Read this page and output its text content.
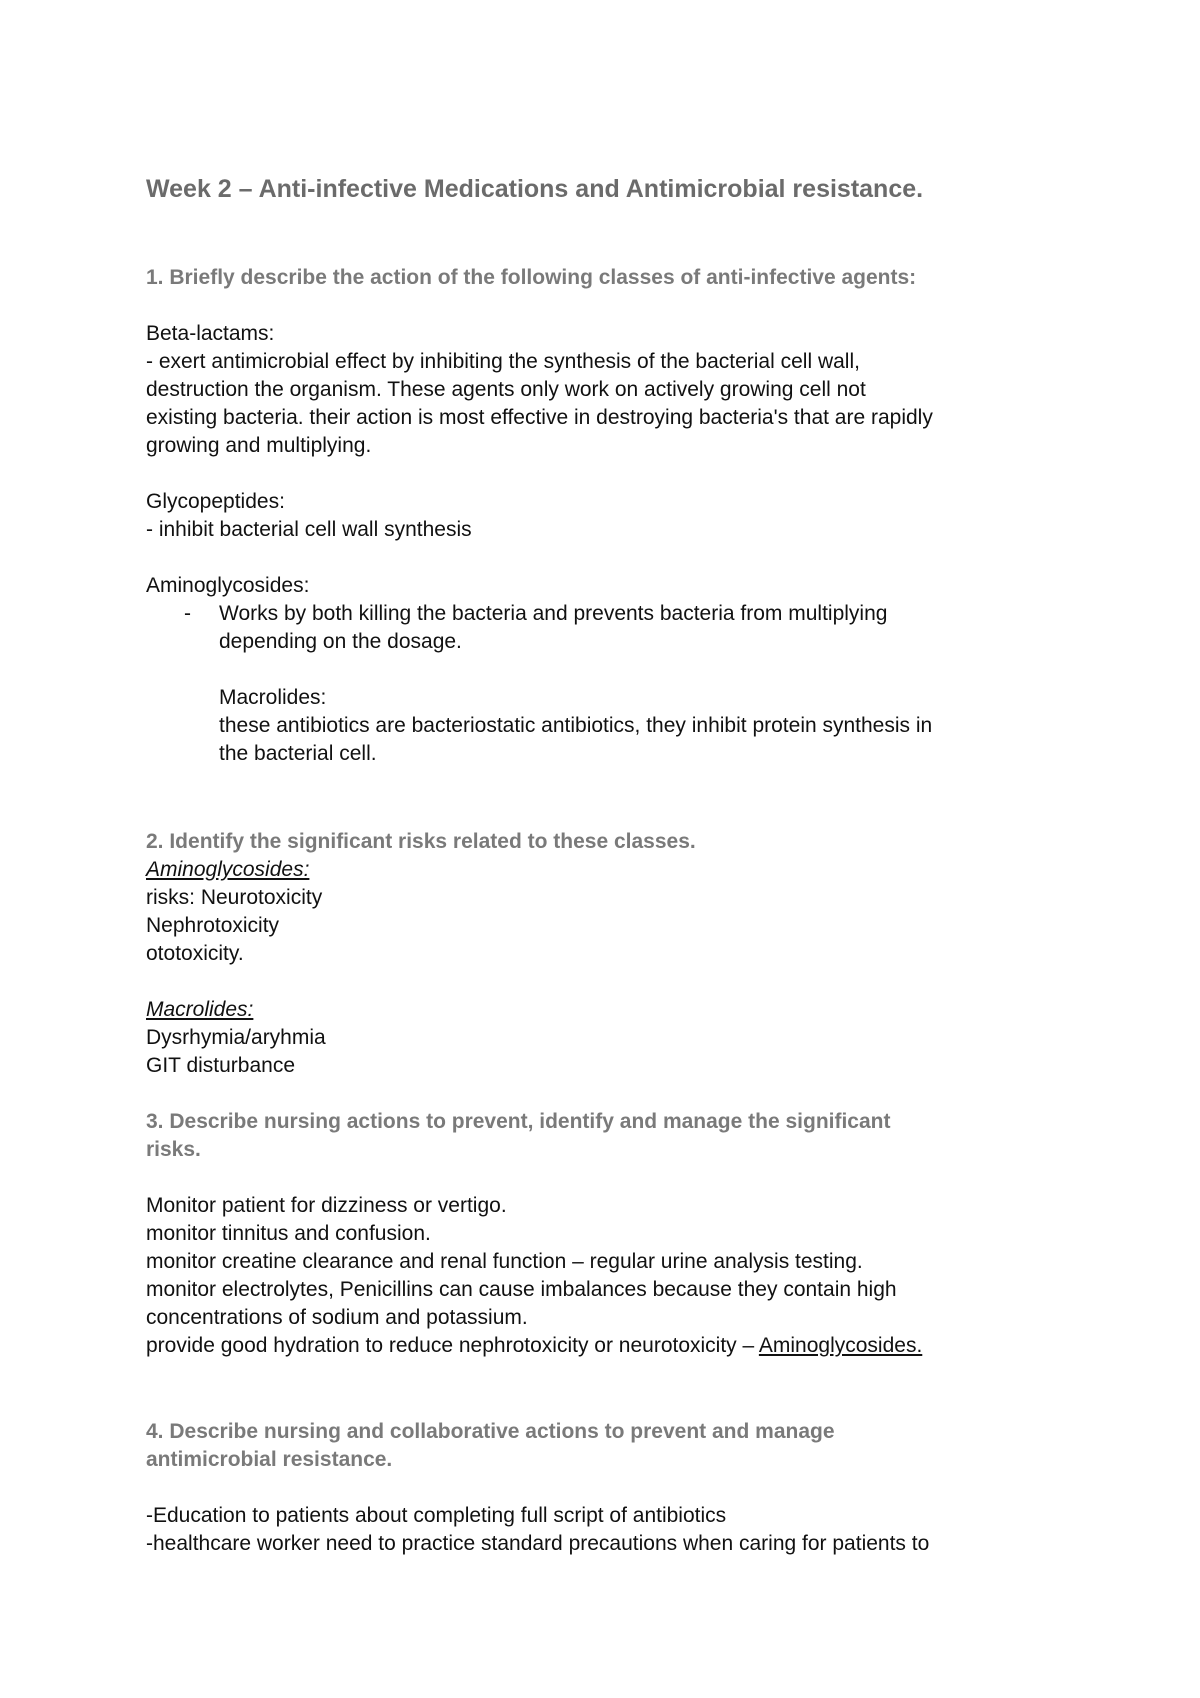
Week 2 – Anti-infective Medications and Antimicrobial resistance.
1. Briefly describe the action of the following classes of anti-infective agents:
Beta-lactams:
- exert antimicrobial effect by inhibiting the synthesis of the bacterial cell wall,
destruction the organism. These agents only work on actively growing cell not
existing bacteria. their action is most effective in destroying bacteria's that are rapidly
growing and multiplying.
Glycopeptides:
- inhibit bacterial cell wall synthesis
Aminoglycosides:
- Works by both killing the bacteria and prevents bacteria from multiplying
depending on the dosage.
Macrolides:
these antibiotics are bacteriostatic antibiotics, they inhibit protein synthesis in
the bacterial cell.
2. Identify the significant risks related to these classes.
Aminoglycosides:
risks: Neurotoxicity
Nephrotoxicity
ototoxicity.
Macrolides:
Dysrhymia/aryhmia
GIT disturbance
3. Describe nursing actions to prevent, identify and manage the significant
risks.
Monitor patient for dizziness or vertigo.
monitor tinnitus and confusion.
monitor creatine clearance and renal function – regular urine analysis testing.
monitor electrolytes, Penicillins can cause imbalances because they contain high
concentrations of sodium and potassium.
provide good hydration to reduce nephrotoxicity or neurotoxicity – Aminoglycosides.
4. Describe nursing and collaborative actions to prevent and manage
antimicrobial resistance.
-Education to patients about completing full script of antibiotics
-healthcare worker need to practice standard precautions when caring for patients to
